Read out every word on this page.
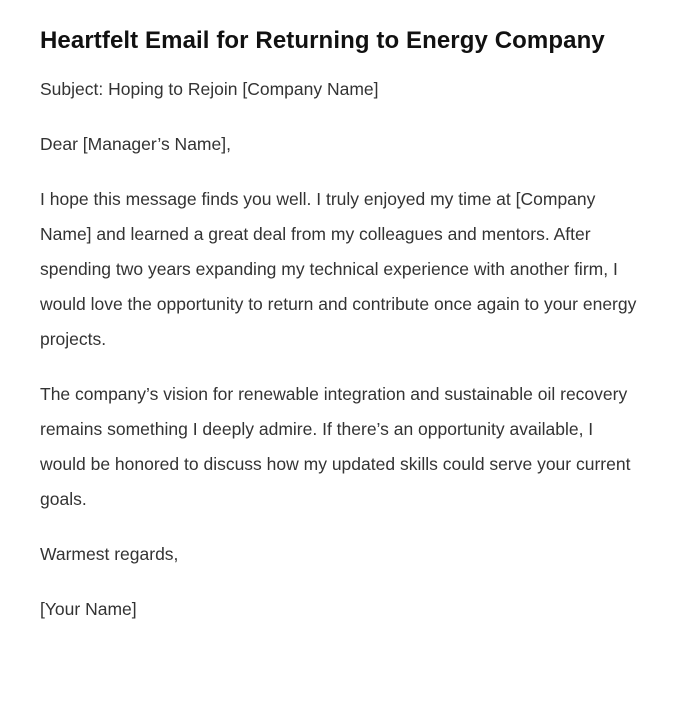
Heartfelt Email for Returning to Energy Company

Subject: Hoping to Rejoin [Company Name]

Dear [Manager’s Name],

I hope this message finds you well. I truly enjoyed my time at [Company Name] and learned a great deal from my colleagues and mentors. After spending two years expanding my technical experience with another firm, I would love the opportunity to return and contribute once again to your energy projects.

The company’s vision for renewable integration and sustainable oil recovery remains something I deeply admire. If there’s an opportunity available, I would be honored to discuss how my updated skills could serve your current goals.

Warmest regards,

[Your Name]
